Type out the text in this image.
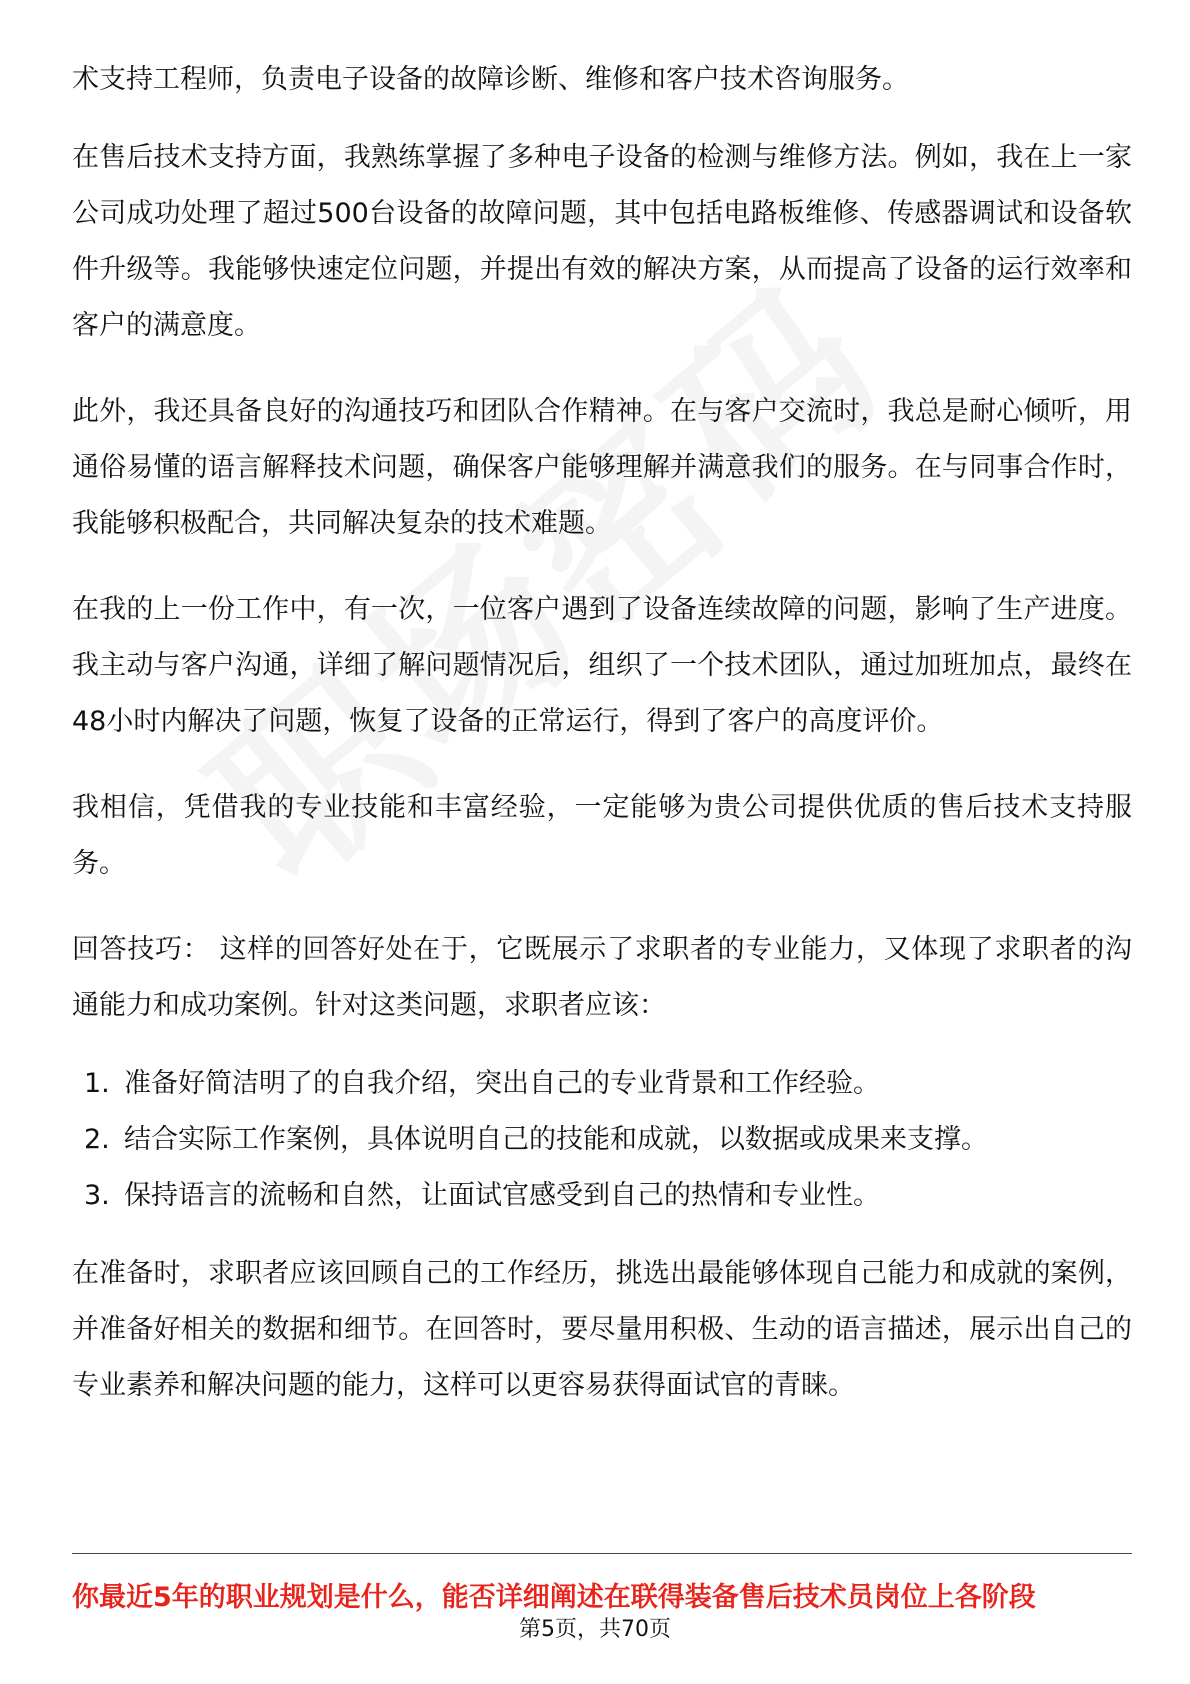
术支持工程师，负责电子设备的故障诊断、维修和客户技术咨询服务。

在售后技术支持方面，我熟练掌握了多种电子设备的检测与维修方法。例如，我在上一家公司成功处理了超过500台设备的故障问题，其中包括电路板维修、传感器调试和设备软件升级等。我能够快速定位问题，并提出有效的解决方案，从而提高了设备的运行效率和客户的满意度。

此外，我还具备良好的沟通技巧和团队合作精神。在与客户交流时，我总是耐心倾听，用通俗易懂的语言解释技术问题，确保客户能够理解并满意我们的服务。在与同事合作时，我能够积极配合，共同解决复杂的技术难题。

在我的上一份工作中，有一次，一位客户遇到了设备连续故障的问题，影响了生产进度。我主动与客户沟通，详细了解问题情况后，组织了一个技术团队，通过加班加点，最终在48小时内解决了问题，恢复了设备的正常运行，得到了客户的高度评价。

我相信，凭借我的专业技能和丰富经验，一定能够为贵公司提供优质的售后技术支持服务。

回答技巧： 这样的回答好处在于，它既展示了求职者的专业能力，又体现了求职者的沟通能力和成功案例。针对这类问题，求职者应该：

1. 准备好简洁明了的自我介绍，突出自己的专业背景和工作经验。
2. 结合实际工作案例，具体说明自己的技能和成就，以数据或成果来支撑。
3. 保持语言的流畅和自然，让面试官感受到自己的热情和专业性。

在准备时，求职者应该回顾自己的工作经历，挑选出最能够体现自己能力和成就的案例，并准备好相关的数据和细节。在回答时，要尽量用积极、生动的语言描述，展示出自己的专业素养和解决问题的能力，这样可以更容易获得面试官的青睐。

你最近5年的职业规划是什么，能否详细阐述在联得装备售后技术员岗位上各阶段
第5页，共70页
